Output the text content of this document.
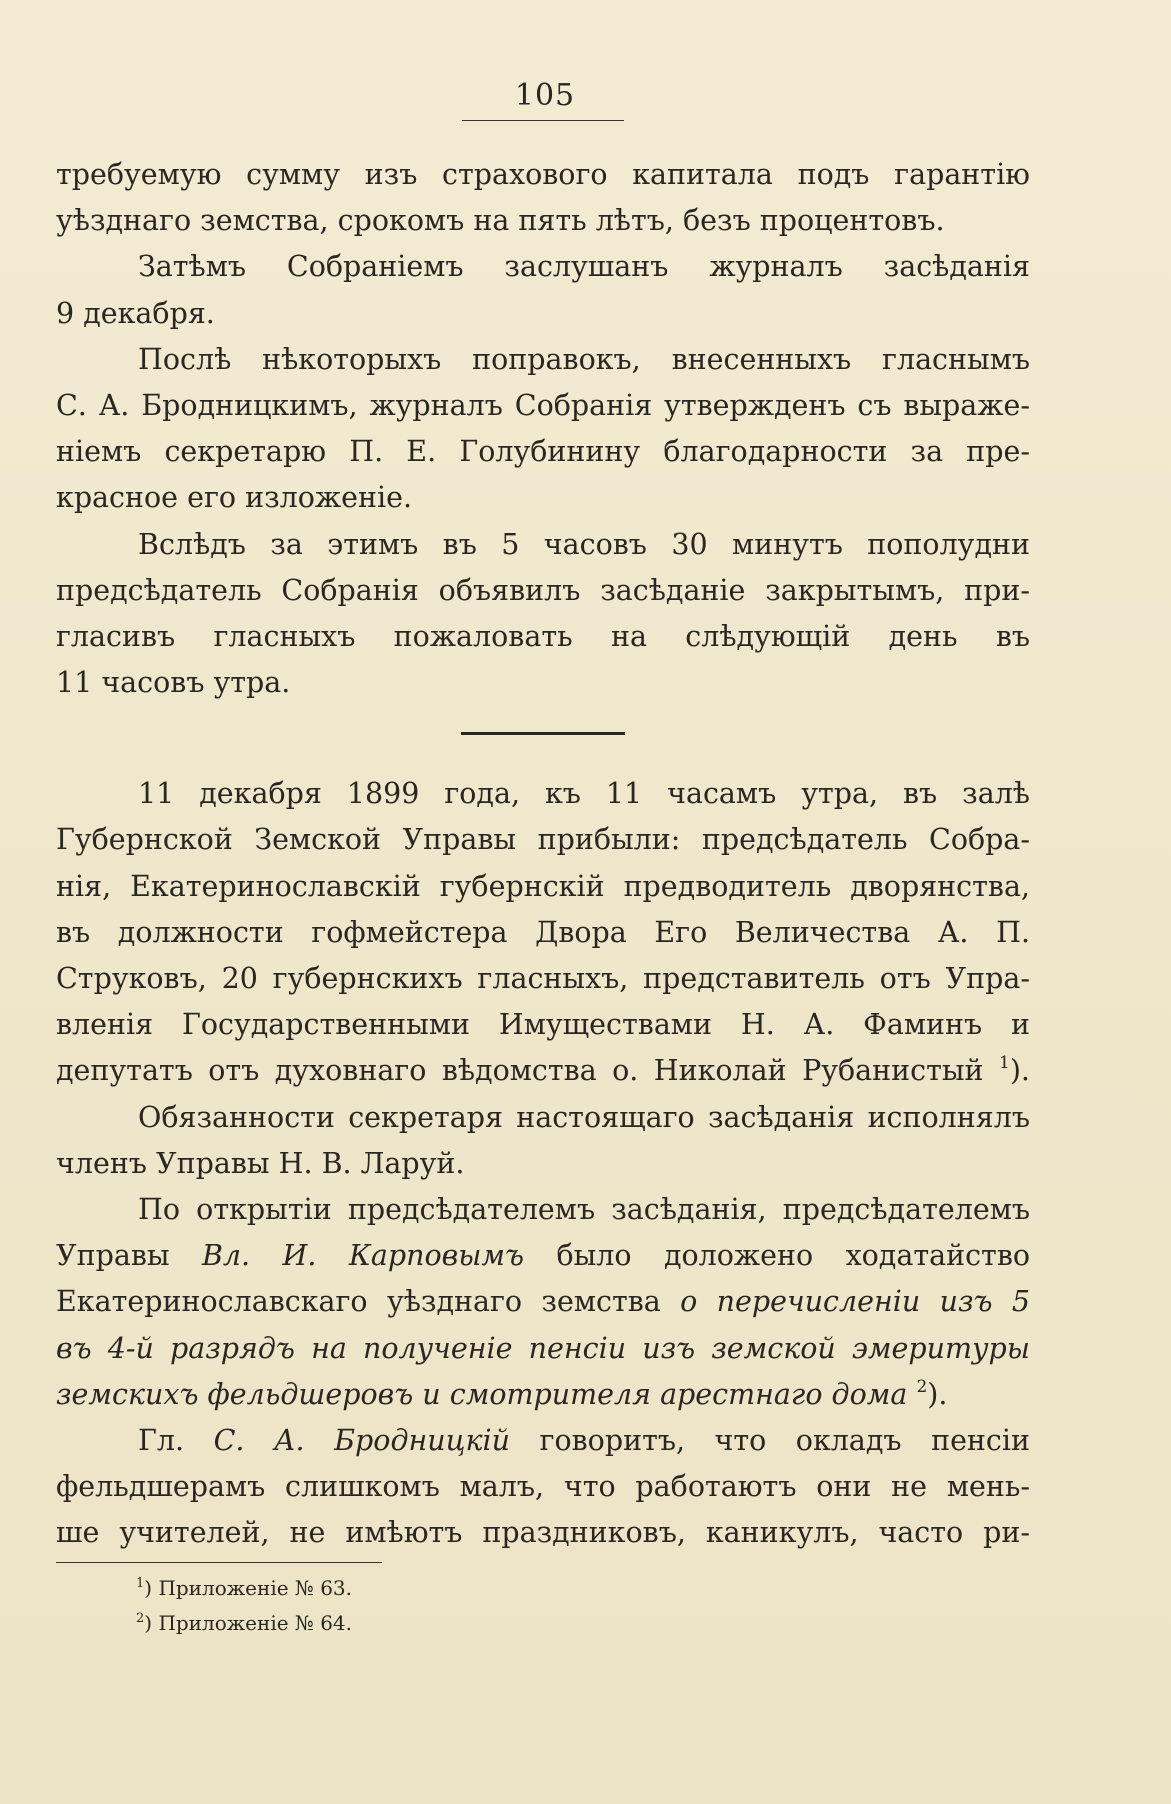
105
требуемую сумму изъ страхового капитала подъ гарантію
уѣзднаго земства, срокомъ на пять лѣтъ, безъ процентовъ.
Затѣмъ Собраніемъ заслушанъ журналъ засѣданія
9 декабря.
Послѣ нѣкоторыхъ поправокъ, внесенныхъ гласнымъ
С. А. Бродницкимъ, журналъ Собранія утвержденъ съ выраже-
ніемъ секретарю П. Е. Голубинину благодарности за пре-
красное его изложеніе.
Вслѣдъ за этимъ въ 5 часовъ 30 минутъ пополудни
предсѣдатель Собранія объявилъ засѣданіе закрытымъ, при-
гласивъ гласныхъ пожаловать на слѣдующій день въ
11 часовъ утра.
11 декабря 1899 года, къ 11 часамъ утра, въ залѣ
Губернской Земской Управы прибыли: предсѣдатель Собра-
нія, Екатеринославскій губернскій предводитель дворянства,
въ должности гофмейстера Двора Его Величества А. П.
Струковъ, 20 губернскихъ гласныхъ, представитель отъ Упра-
вленія Государственными Имуществами Н. А. Фаминъ и
депутатъ отъ духовнаго вѣдомства о. Николай Рубанистый $^1$).
Обязанности секретаря настоящаго засѣданія исполнялъ
членъ Управы Н. В. Ларуй.
По открытіи предсѣдателемъ засѣданія, предсѣдателемъ
Управы Вл. И. Карповымъ было доложено ходатайство
Екатеринославскаго уѣзднаго земства о перечисленіи изъ 5
въ 4-й разрядъ на полученіе пенсіи изъ земской эмеритуры
земскихъ фельдшеровъ и смотрителя арестнаго дома $^2$).
Гл. С. А. Бродницкій говоритъ, что окладъ пенсіи
фельдшерамъ слишкомъ малъ, что работаютъ они не мень-
ше учителей, не имѣютъ праздниковъ, каникулъ, часто ри-
$^1$) Приложеніе № 63.
$^2$) Приложеніе № 64.
